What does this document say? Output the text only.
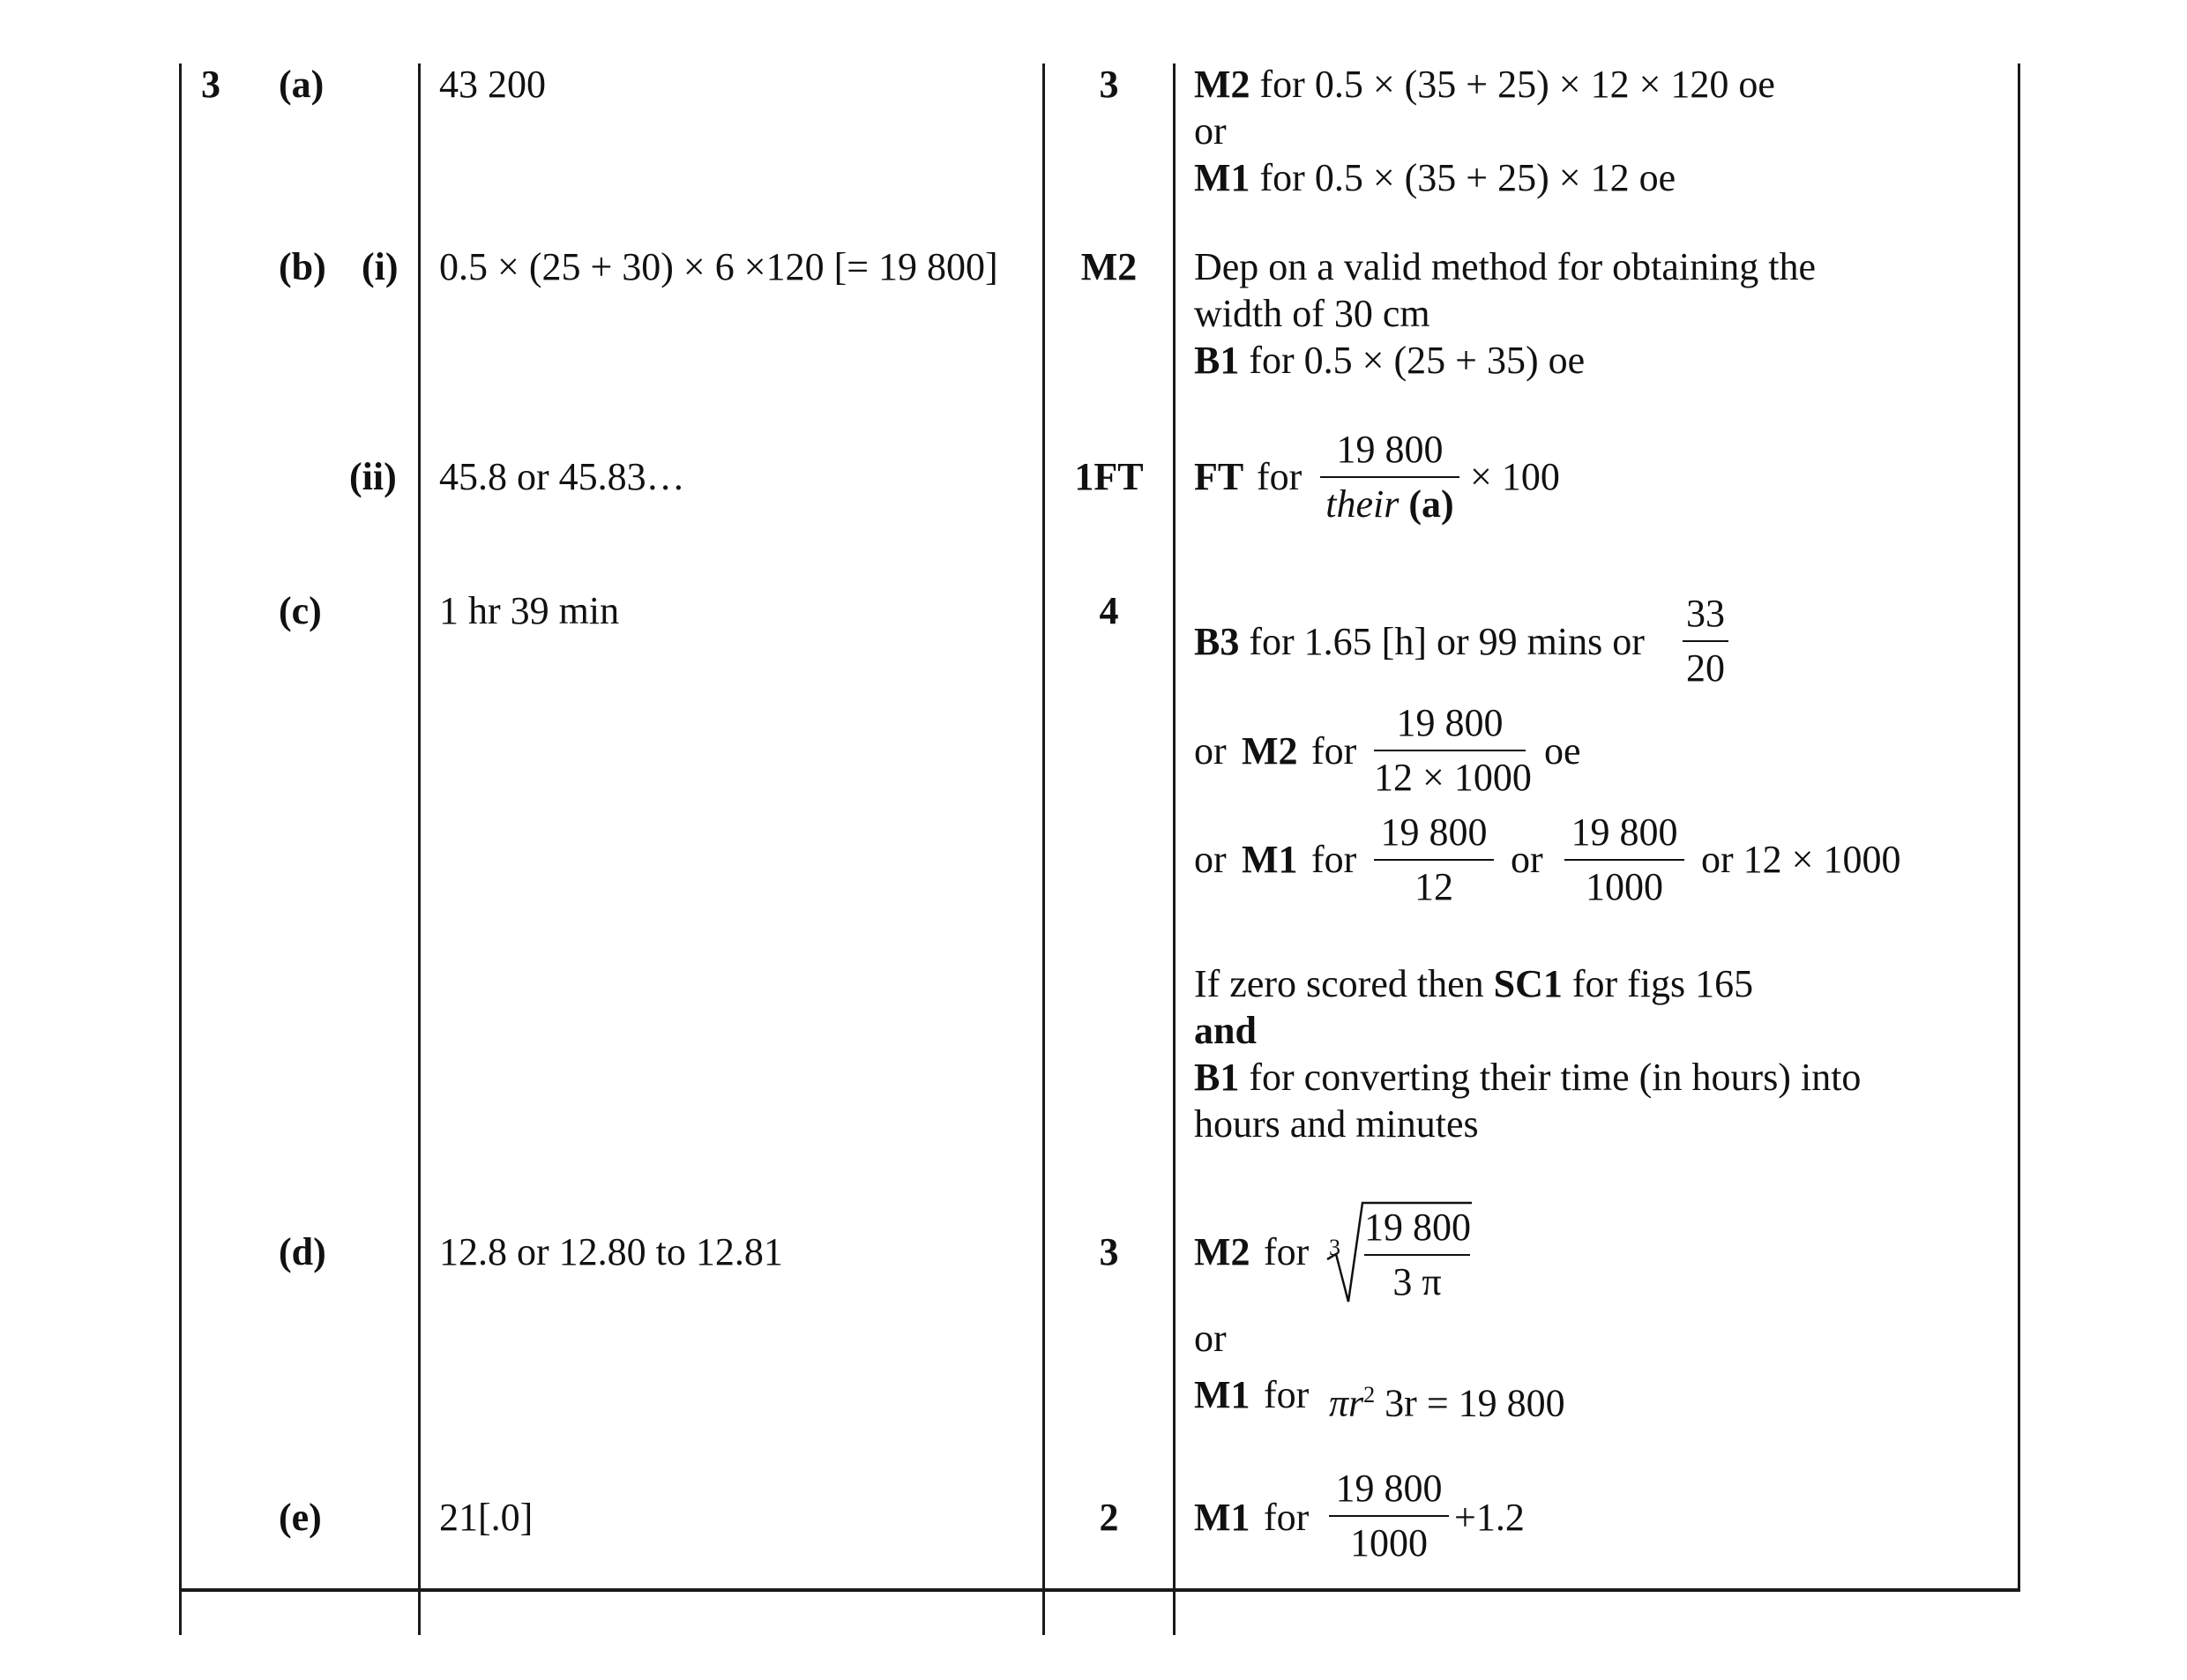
3 (a)	43 200	3	M2 for 0.5 × (35 + 25) × 12 × 120 oe
or
M1 for 0.5 × (35 + 25) × 12 oe
(b) (i) 0.5 × (25 + 30) × 6 ×120 [= 19 800]	M2	Dep on a valid method for obtaining the
width of 30 cm
B1 for 0.5 × (25 + 35) oe
(ii) 45.8 or 45.83…	1FT	FT for
19 800
their (a)
× 100
(c)	1 hr 39 min	4
B3 for 1.65 [h] or 99 mins or
33
20
or M2 for
19 800
12 × 1000
oe
or M1 for
19 800
12
or
19 800
1000
or 12 × 1000
If zero scored then SC1 for figs 165
and
B1 for converting their time (in hours) into
hours and minutes
(d)	12.8 or 12.80 to 12.81	3	M2 for 3 19 800
3 π
or
M1 for $\pi r^2$ 3r = 19 800
(e)	21[.0]	2	M1 for
19 800
1000
+1.2
